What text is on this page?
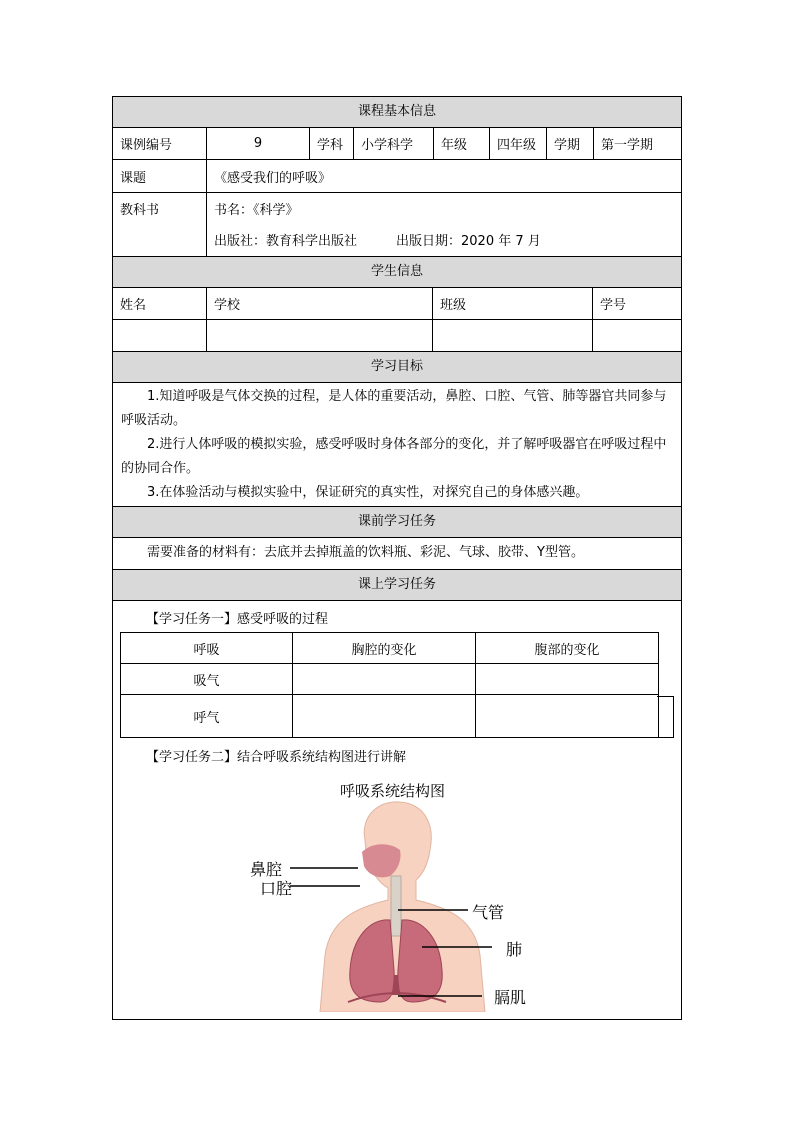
课程基本信息
课例编号	9	学科	小学科学	年级	四年级	学期	第一学期
课题	《感受我们的呼吸》
教科书	书名：《科学》
出版社：教育科学出版社	出版日期：2020 年 7 月
学生信息
姓名	学校	班级	学号
学习目标
1.知道呼吸是气体交换的过程，是人体的重要活动，鼻腔、口腔、气管、肺等器官共同参与呼吸活动。
2.进行人体呼吸的模拟实验，感受呼吸时身体各部分的变化，并了解呼吸器官在呼吸过程中的协同合作。
3.在体验活动与模拟实验中，保证研究的真实性，对探究自己的身体感兴趣。
课前学习任务
需要准备的材料有：去底并去掉瓶盖的饮料瓶、彩泥、气球、胶带、Y型管。
课上学习任务
【学习任务一】感受呼吸的过程
呼吸	胸腔的变化	腹部的变化
吸气		
呼气		
【学习任务二】结合呼吸系统结构图进行讲解
呼吸系统结构图
鼻腔
口腔
气管
肺
膈肌
